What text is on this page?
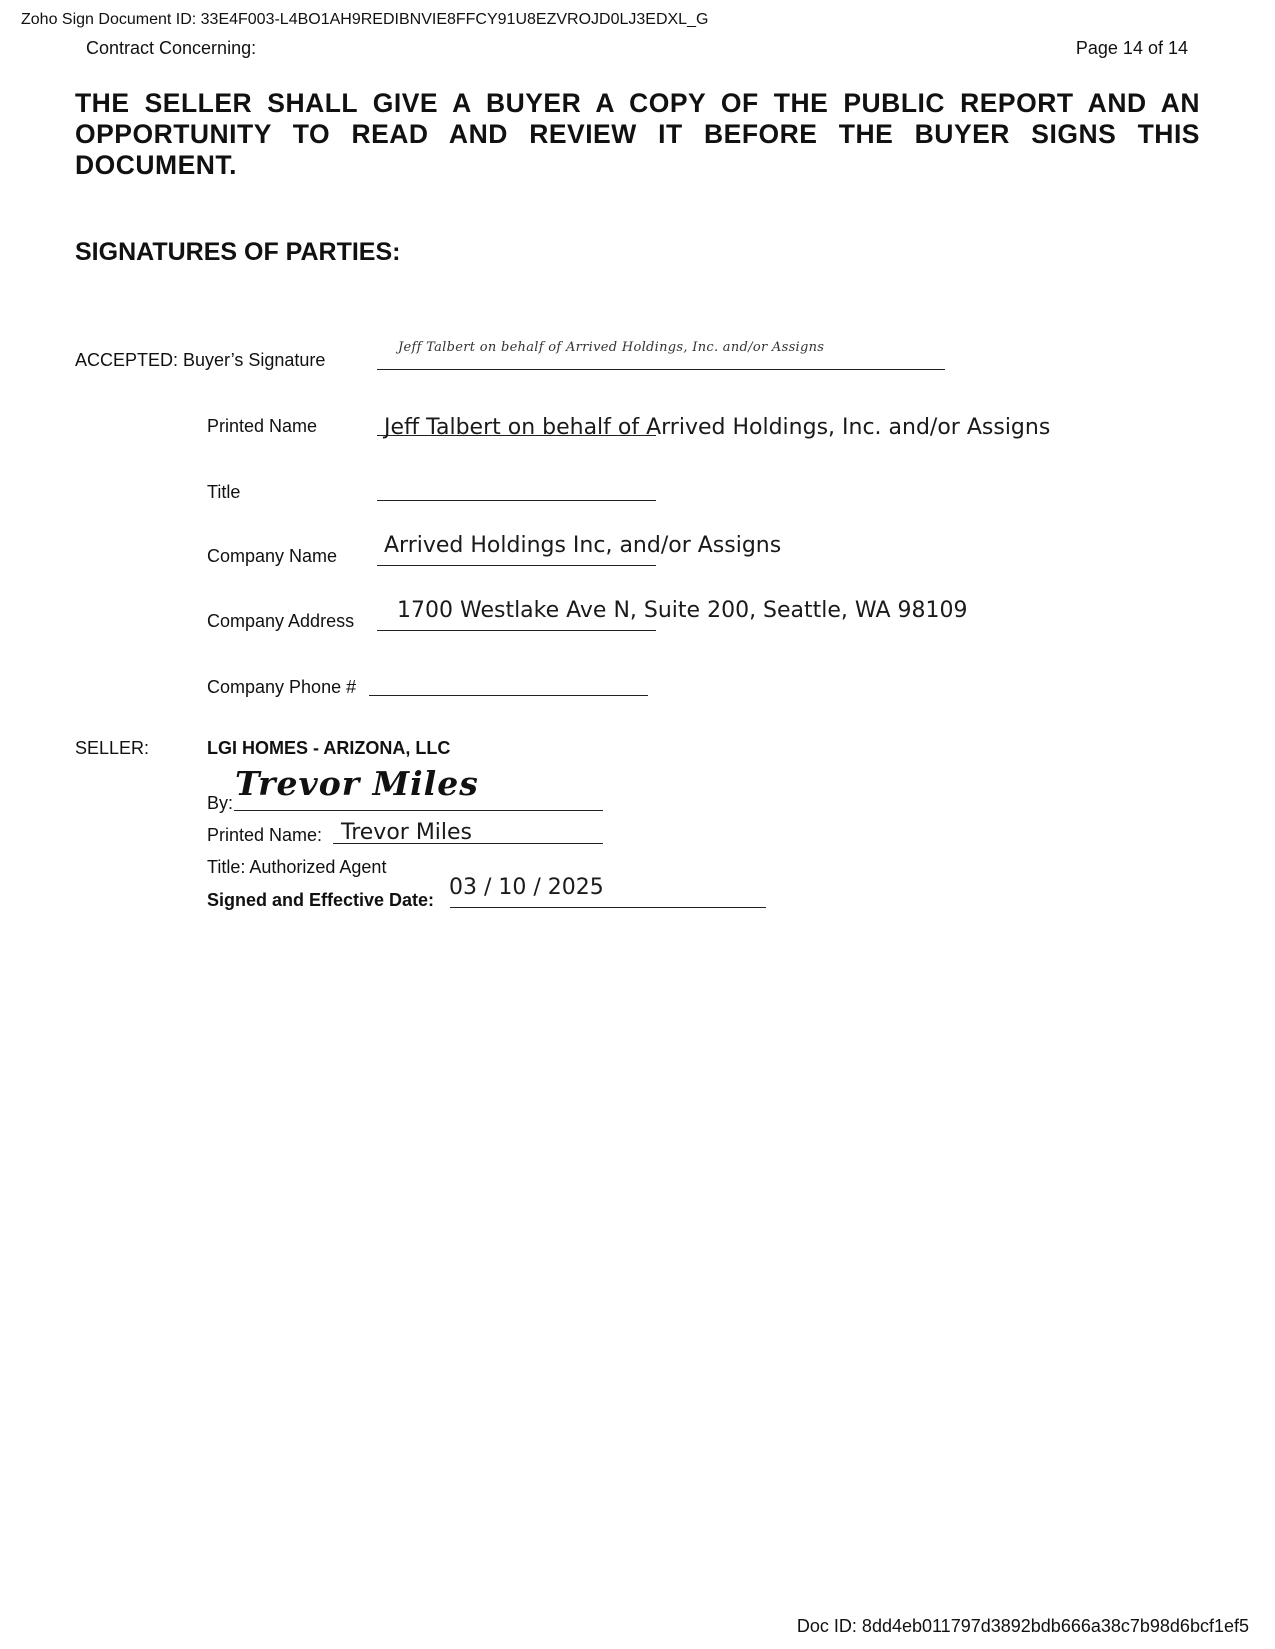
Zoho Sign Document ID: 33E4F003-L4BO1AH9REDIBNVIE8FFCY91U8EZVROJD0LJ3EDXL_G
Contract Concerning:	Page 14 of 14
THE SELLER SHALL GIVE A BUYER A COPY OF THE PUBLIC REPORT AND AN OPPORTUNITY TO READ AND REVIEW IT BEFORE THE BUYER SIGNS THIS DOCUMENT.
SIGNATURES OF PARTIES:
ACCEPTED: Buyer’s Signature
Jeff Talbert on behalf of Arrived Holdings, Inc. and/or Assigns
Printed Name	Jeff Talbert on behalf of Arrived Holdings, Inc. and/or Assigns
Title
Company Name Arrived Holdings Inc, and/or Assigns
Company Address 1700 Westlake Ave N, Suite 200, Seattle, WA 98109
Company Phone #
SELLER:	LGI HOMES - ARIZONA, LLC
By: Trevor Miles
Printed Name: Trevor Miles
Title: Authorized Agent
Signed and Effective Date: 03 / 10 / 2025
Doc ID: 8dd4eb011797d3892bdb666a38c7b98d6bcf1ef5
